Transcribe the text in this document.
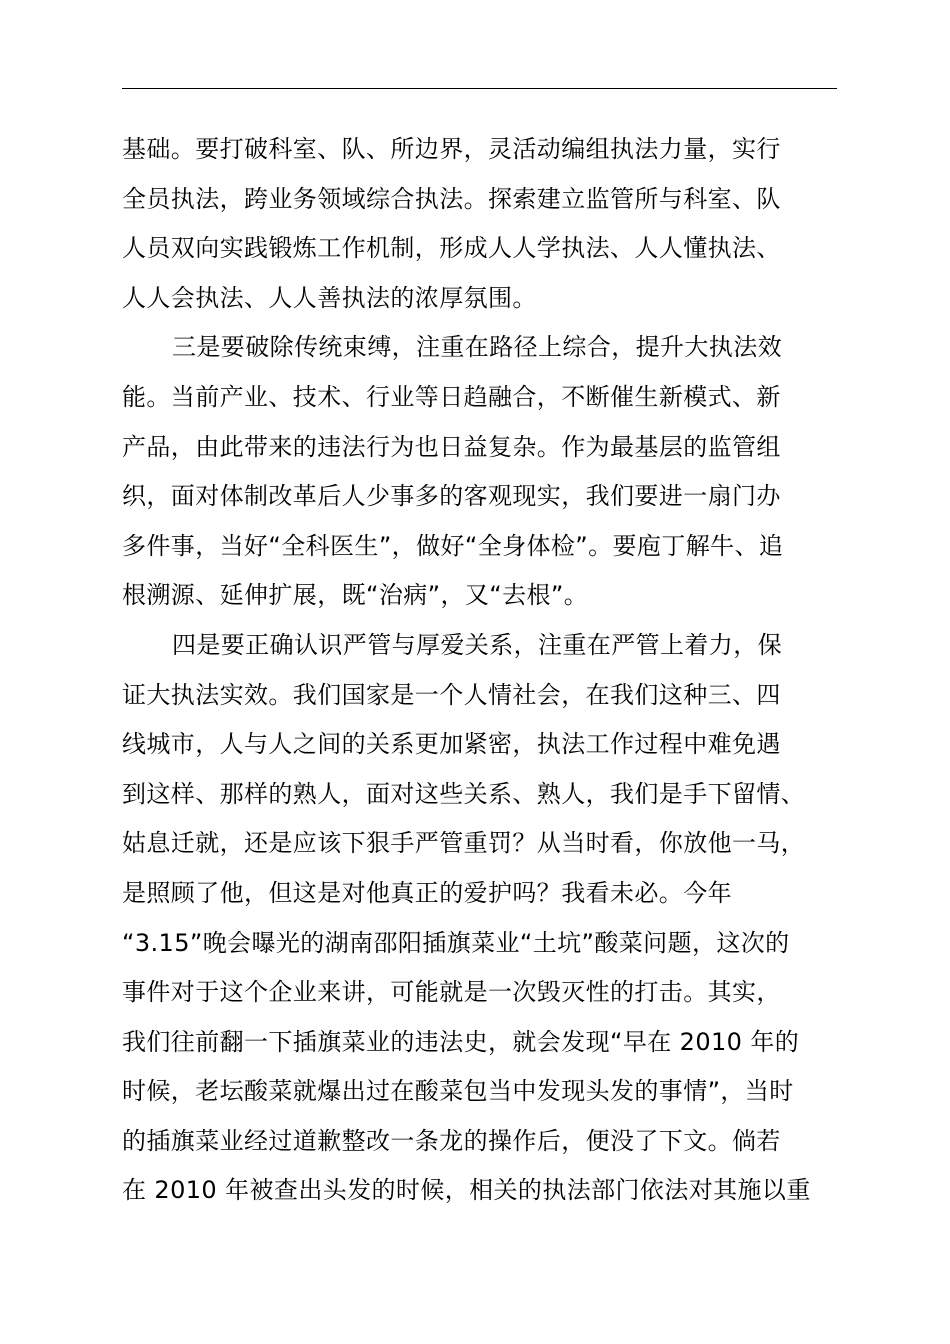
基础。要打破科室、队、所边界，灵活动编组执法力量，实行
全员执法，跨业务领域综合执法。探索建立监管所与科室、队
人员双向实践锻炼工作机制，形成人人学执法、人人懂执法、
人人会执法、人人善执法的浓厚氛围。
三是要破除传统束缚，注重在路径上综合，提升大执法效
能。当前产业、技术、行业等日趋融合，不断催生新模式、新
产品，由此带来的违法行为也日益复杂。作为最基层的监管组
织，面对体制改革后人少事多的客观现实，我们要进一扇门办
多件事，当好“全科医生”，做好“全身体检”。要庖丁解牛、追
根溯源、延伸扩展，既“治病”，又“去根”。
四是要正确认识严管与厚爱关系，注重在严管上着力，保
证大执法实效。我们国家是一个人情社会，在我们这种三、四
线城市，人与人之间的关系更加紧密，执法工作过程中难免遇
到这样、那样的熟人，面对这些关系、熟人，我们是手下留情、
姑息迁就，还是应该下狠手严管重罚？从当时看，你放他一马，
是照顾了他，但这是对他真正的爱护吗？我看未必。今年
“3.15”晚会曝光的湖南邵阳插旗菜业“土坑”酸菜问题，这次的
事件对于这个企业来讲，可能就是一次毁灭性的打击。其实，
我们往前翻一下插旗菜业的违法史，就会发现“早在 2010 年的
时候，老坛酸菜就爆出过在酸菜包当中发现头发的事情”，当时
的插旗菜业经过道歉整改一条龙的操作后，便没了下文。倘若
在 2010 年被查出头发的时候，相关的执法部门依法对其施以重
